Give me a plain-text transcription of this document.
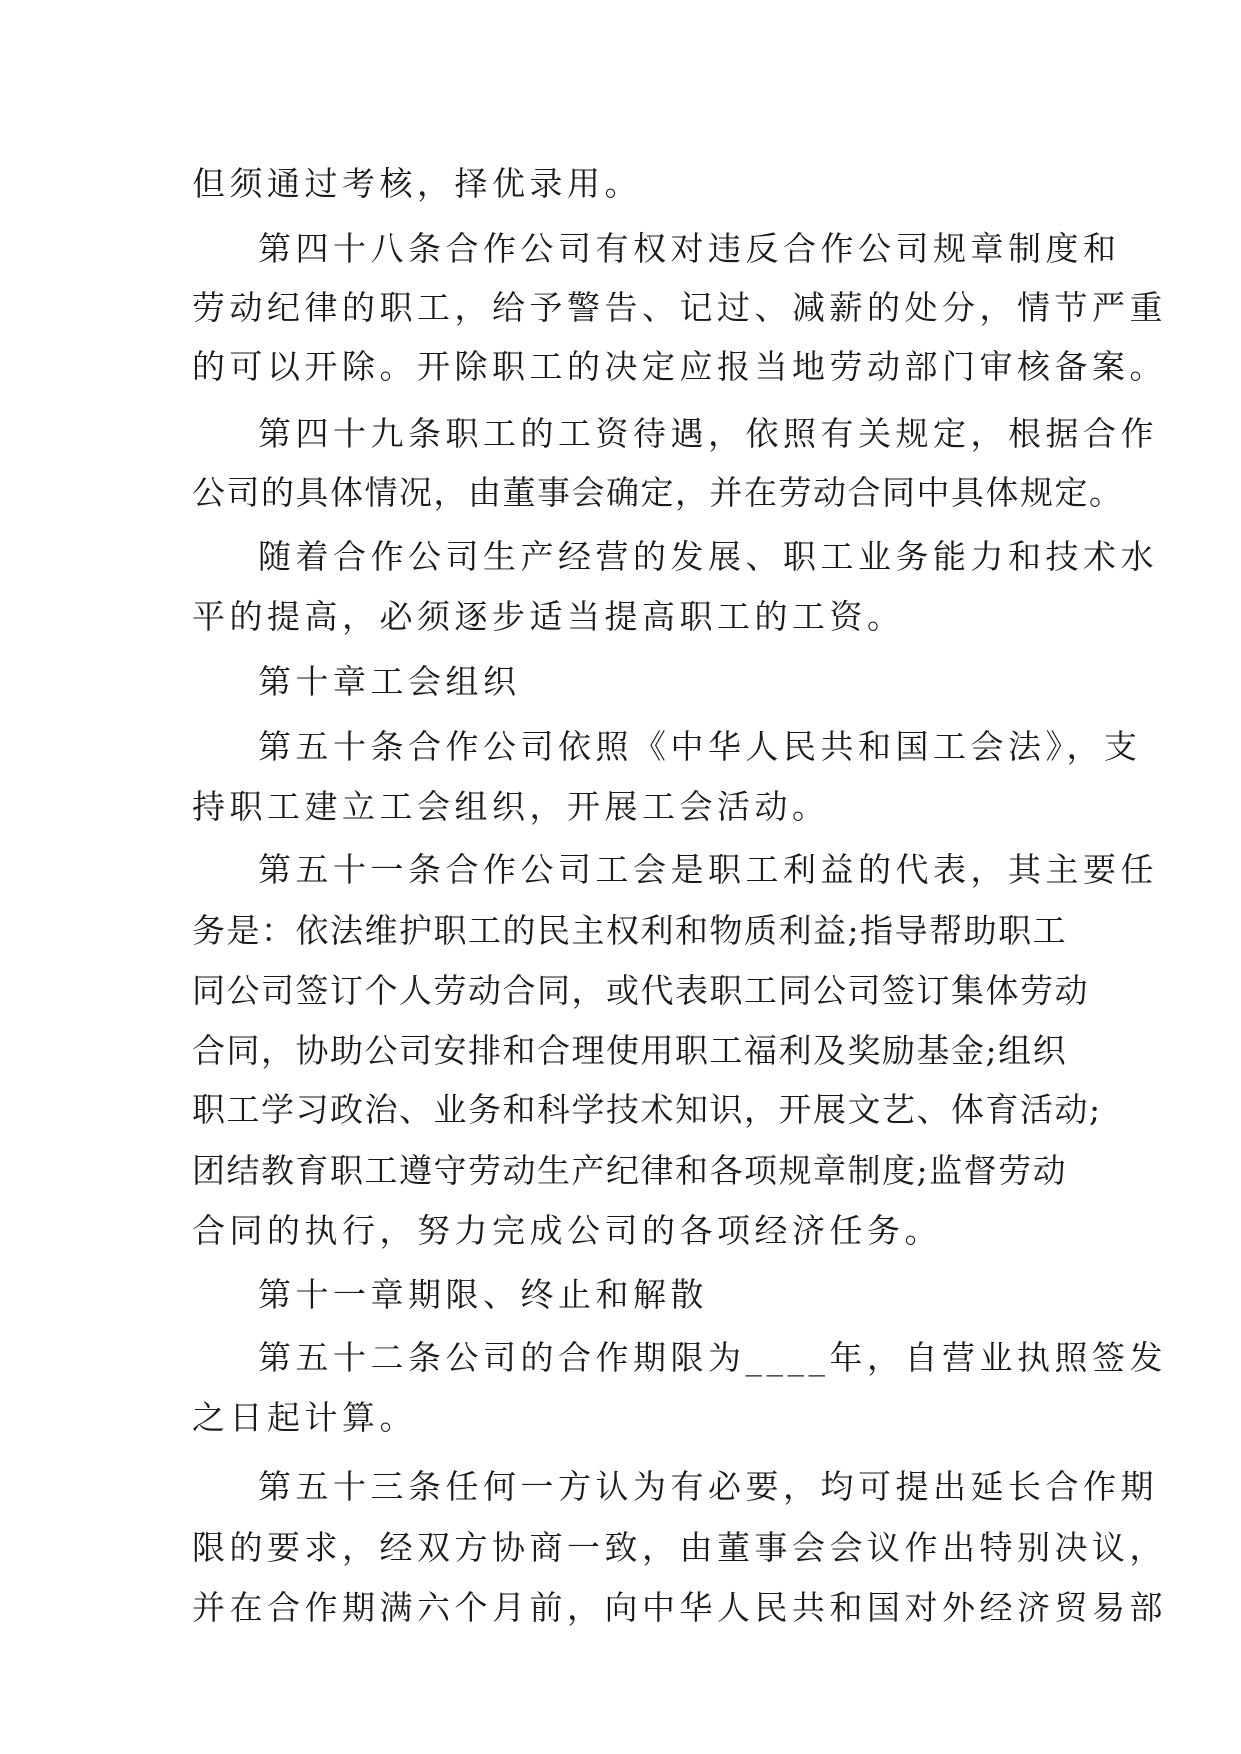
但须通过考核，择优录用。
第四十八条合作公司有权对违反合作公司规章制度和
劳动纪律的职工，给予警告、记过、减薪的处分，情节严重
的可以开除。开除职工的决定应报当地劳动部门审核备案。
第四十九条职工的工资待遇，依照有关规定，根据合作
公司的具体情况，由董事会确定，并在劳动合同中具体规定。
随着合作公司生产经营的发展、职工业务能力和技术水
平的提高，必须逐步适当提高职工的工资。
第十章工会组织
第五十条合作公司依照《中华人民共和国工会法》，支
持职工建立工会组织，开展工会活动。
第五十一条合作公司工会是职工利益的代表，其主要任
务是：依法维护职工的民主权利和物质利益;指导帮助职工
同公司签订个人劳动合同，或代表职工同公司签订集体劳动
合同，协助公司安排和合理使用职工福利及奖励基金;组织
职工学习政治、业务和科学技术知识，开展文艺、体育活动;
团结教育职工遵守劳动生产纪律和各项规章制度;监督劳动
合同的执行，努力完成公司的各项经济任务。
第十一章期限、终止和解散
第五十二条公司的合作期限为____年，自营业执照签发
之日起计算。
第五十三条任何一方认为有必要，均可提出延长合作期
限的要求，经双方协商一致，由董事会会议作出特别决议，
并在合作期满六个月前，向中华人民共和国对外经济贸易部
